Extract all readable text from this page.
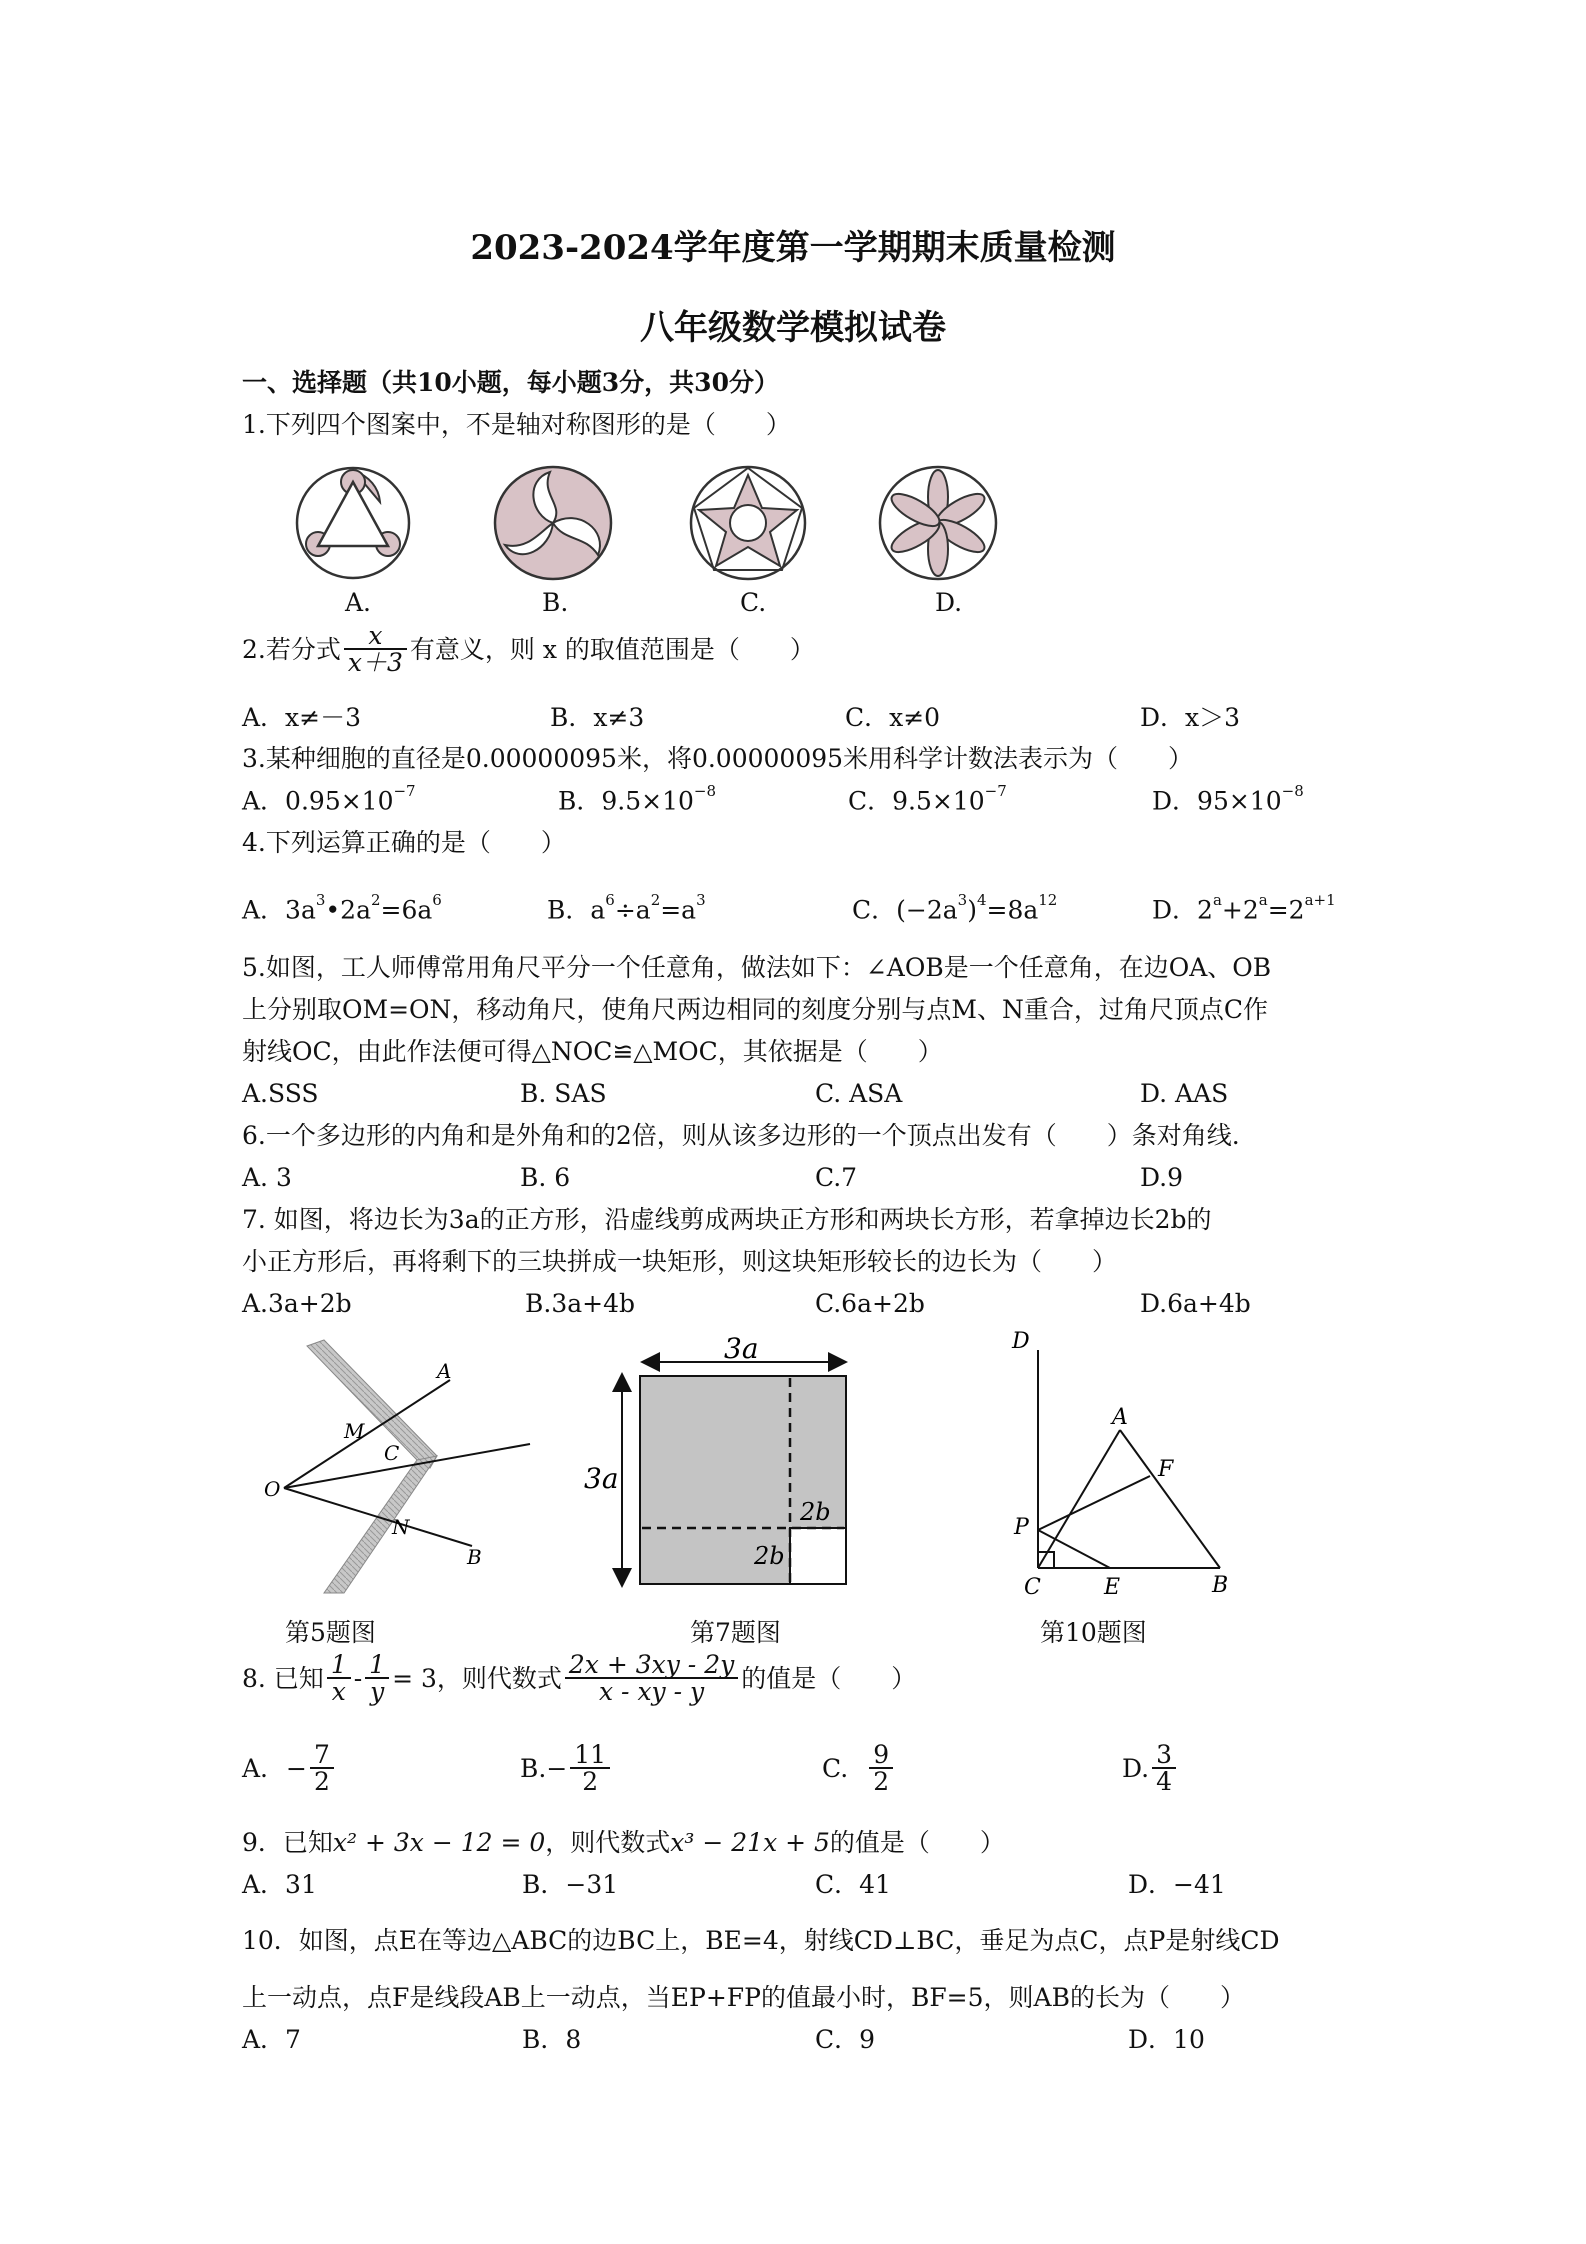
2023-2024学年度第一学期期末质量检测
八年级数学模拟试卷
一、选择题（共10小题，每小题3分，共30分）
1.下列四个图案中，不是轴对称图形的是（　　）
A.	B.	C.	D.
2.若分式 $\frac{x}{x+3}$ 有意义，则 x 的取值范围是（　　）
A．x≠－3	B．x≠3	C．x≠0	D．x＞3
3.某种细胞的直径是0.00000095米，将0.00000095米用科学计数法表示为（　　）
A．$0.95\times 10^{-7}$	B．$9.5\times 10^{-8}$	C．$9.5\times 10^{-7}$	D．$95\times 10^{-8}$
4.下列运算正确的是（　　）
A．$3a^3•2a^2=6a^6$	B．$a^6\div a^2=a^3$	C．$(-2a^3)^4=8a^{12}$	D．$2^a+2^a=2^{a+1}$
5.如图，工人师傅常用角尺平分一个任意角，做法如下：∠AOB是一个任意角，在边OA、OB
上分别取OM=ON，移动角尺，使角尺两边相同的刻度分别与点M、N重合，过角尺顶点C作
射线OC，由此作法便可得△NOC≌△MOC，其依据是（　　）
A.SSS	B. SAS	C. ASA	D. AAS
6.一个多边形的内角和是外角和的2倍，则从该多边形的一个顶点出发有（　　）条对角线.
A. 3	B. 6	C.7	D.9
7. 如图，将边长为3a的正方形，沿虚线剪成两块正方形和两块长方形，若拿掉边长2b的
小正方形后，再将剩下的三块拼成一块矩形，则这块矩形较长的边长为（　　）
A.3a+2b	B.3a+4b	C.6a+2b	D.6a+4b
A
M
C
O
N
B
3a
3a
2b
2b
D
A
F
P
C	E	B
第5题图	第7题图	第10题图
8. 已知 $\frac{1}{x} - \frac{1}{y} = 3$，则代数式 $\frac{2x + 3xy - 2y}{x - xy - y}$ 的值是（　　）
A. − $\frac{7}{2}$	B. − $\frac{11}{2}$	C. $\frac{9}{2}$	D. $\frac{3}{4}$
9．已知x² + 3x − 12 = 0，则代数式x³ − 21x + 5的值是（　　）
A．31	B．−31	C．41	D．−41
10．如图，点E在等边△ABC的边BC上，BE=4，射线CD⊥BC，垂足为点C，点P是射线CD
上一动点，点F是线段AB上一动点，当EP+FP的值最小时，BF=5，则AB的长为（　　）
A．7	B．8	C．9	D．10
